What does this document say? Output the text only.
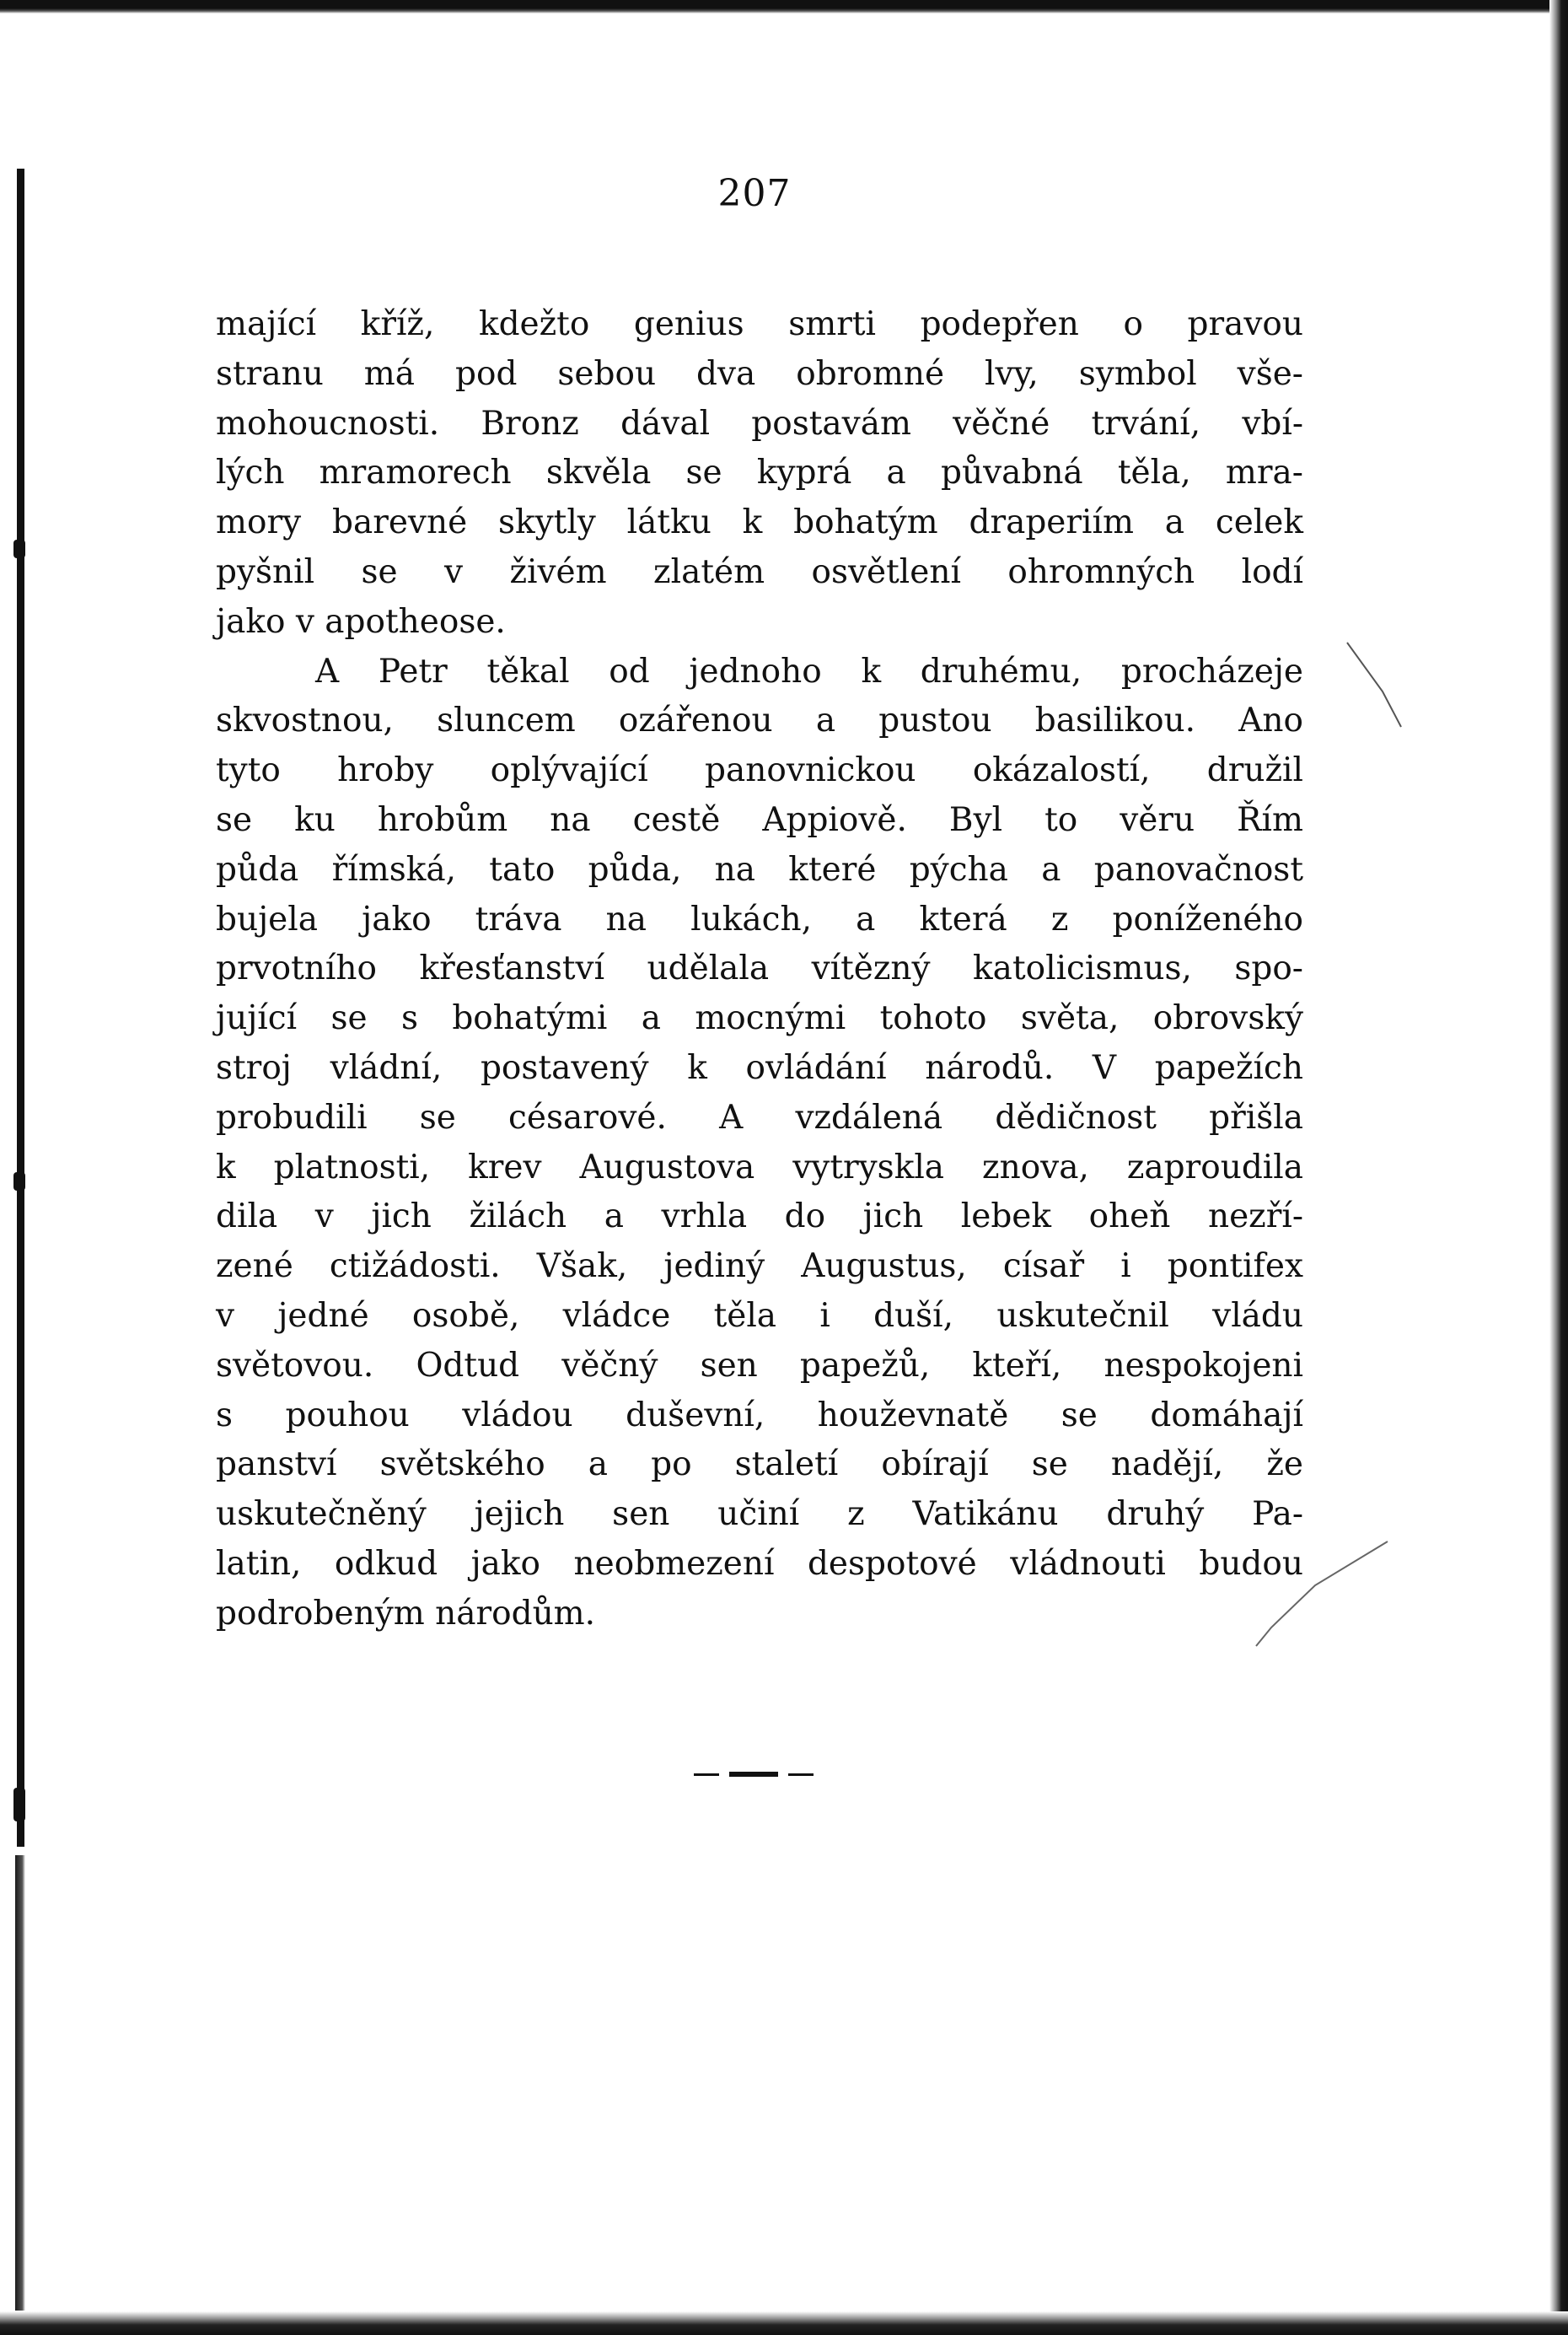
207
mající kříž, kdežto genius smrti podepřen o pravou
stranu má pod sebou dva obromné lvy, symbol vše-
mohoucnosti. Bronz dával postavám věčné trvání, vbí-
lých mramorech skvěla se kyprá a půvabná těla, mra-
mory barevné skytly látku k bohatým draperiím a celek
pyšnil se v živém zlatém osvětlení ohromných lodí
jako v apotheose.
A Petr těkal od jednoho k druhému, procházeje
skvostnou, sluncem ozářenou a pustou basilikou. Ano
tyto hroby oplývající panovnickou okázalostí, družil
se ku hrobům na cestě Appiově. Byl to věru Řím
půda římská, tato půda, na které pýcha a panovačnost
bujela jako tráva na lukách, a která z poníženého
prvotního křesťanství udělala vítězný katolicismus, spo-
jující se s bohatými a mocnými tohoto světa, obrovský
stroj vládní, postavený k ovládání národů. V papežích
probudili se césarové. A vzdálená dědičnost přišla
k platnosti, krev Augustova vytryskla znova, zaproudila
dila v jich žilách a vrhla do jich lebek oheň nezří-
zené ctižádosti. Však, jediný Augustus, císař i pontifex
v jedné osobě, vládce těla i duší, uskutečnil vládu
světovou. Odtud věčný sen papežů, kteří, nespokojeni
s pouhou vládou duševní, houževnatě se domáhají
panství světského a po staletí obírají se nadějí, že
uskutečněný jejich sen učiní z Vatikánu druhý Pa-
latin, odkud jako neobmezení despotové vládnouti budou
podrobeným národům.
